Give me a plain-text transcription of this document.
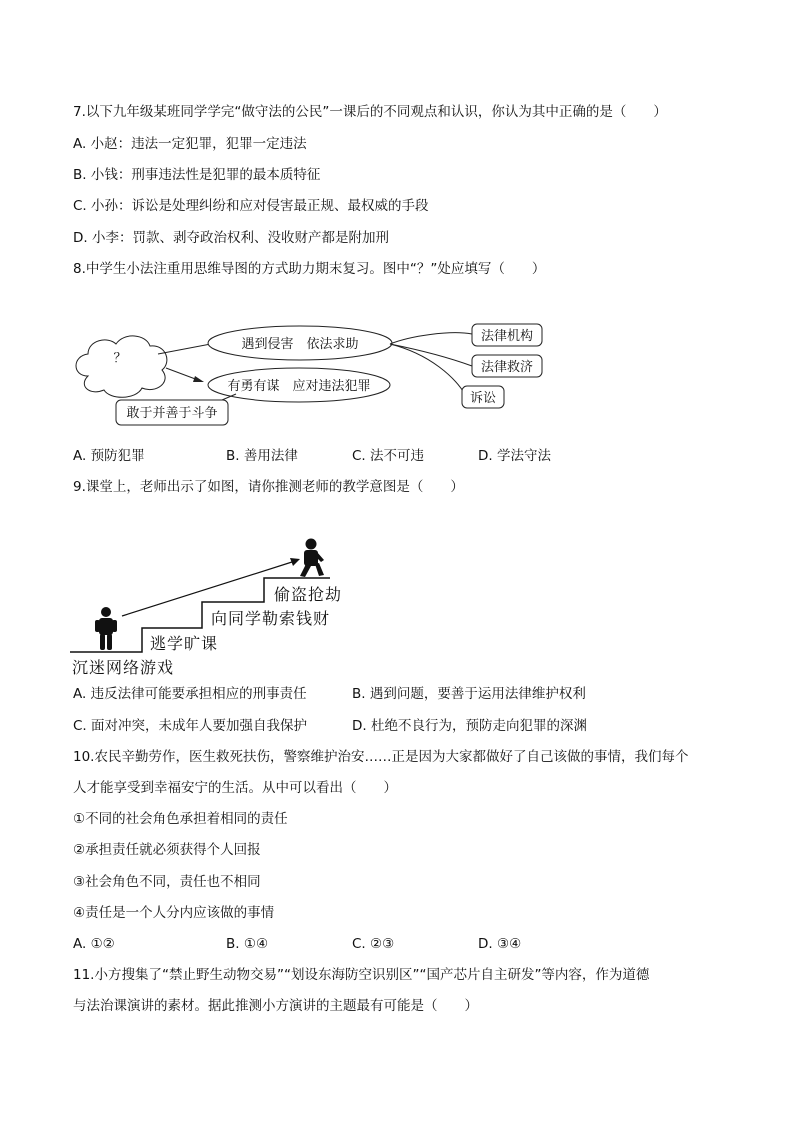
7.以下九年级某班同学学完“做守法的公民”一课后的不同观点和认识，你认为其中正确的是（　　）
A. 小赵：违法一定犯罪，犯罪一定违法
B. 小钱：刑事违法性是犯罪的最本质特征
C. 小孙：诉讼是处理纠纷和应对侵害最正规、最权威的手段
D. 小李：罚款、剥夺政治权利、没收财产都是附加刑
8.中学生小法注重用思维导图的方式助力期末复习。图中“？”处应填写（　　）
？
遇到侵害　依法求助
有勇有谋　应对违法犯罪
敢于并善于斗争
法律机构
法律救济
诉讼
A. 预防犯罪	B. 善用法律	C. 法不可违	D. 学法守法
9.课堂上，老师出示了如图，请你推测老师的教学意图是（　　）
沉迷网络游戏
逃学旷课
向同学勒索钱财
偷盗抢劫
A. 违反法律可能要承担相应的刑事责任	B. 遇到问题，要善于运用法律维护权利
C. 面对冲突，未成年人要加强自我保护	D. 杜绝不良行为，预防走向犯罪的深渊
10.农民辛勤劳作，医生救死扶伤，警察维护治安……正是因为大家都做好了自己该做的事情，我们每个
人才能享受到幸福安宁的生活。从中可以看出（　　）
①不同的社会角色承担着相同的责任
②承担责任就必须获得个人回报
③社会角色不同，责任也不相同
④责任是一个人分内应该做的事情
A. ①②	B. ①④	C. ②③	D. ③④
11.小方搜集了“禁止野生动物交易”“划设东海防空识别区”“国产芯片自主研发”等内容，作为道德
与法治课演讲的素材。据此推测小方演讲的主题最有可能是（　　）
